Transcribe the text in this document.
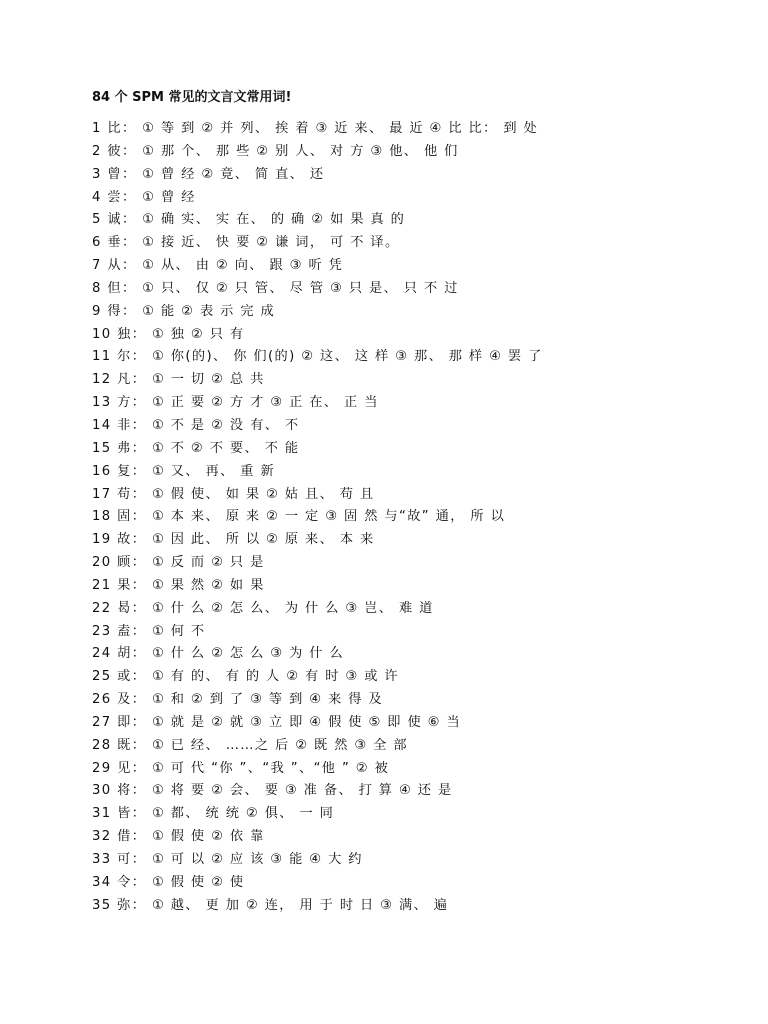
84 个 SPM 常见的文言文常用词!
1 比： ① 等 到 ② 并 列、 挨 着 ③ 近 来、 最 近 ④ 比 比： 到 处
2 彼： ① 那 个、 那 些 ② 别 人、 对 方 ③ 他、 他 们
3 曾： ① 曾 经 ② 竟、 简 直、 还
4 尝： ① 曾 经
5 诚： ① 确 实、 实 在、 的 确 ② 如 果 真 的
6 垂： ① 接 近、 快 要 ② 谦 词， 可 不 译。
7 从： ① 从、 由 ② 向、 跟 ③ 听 凭
8 但： ① 只、 仅 ② 只 管、 尽 管 ③ 只 是、 只 不 过
9 得： ① 能 ② 表 示 完 成
10 独： ① 独 ② 只 有
11 尔： ① 你(的)、 你 们(的) ② 这、 这 样 ③ 那、 那 样 ④ 罢 了
12 凡： ① 一 切 ② 总 共
13 方： ① 正 要 ② 方 才 ③ 正 在、 正 当
14 非： ① 不 是 ② 没 有、 不
15 弗： ① 不 ② 不 要、 不 能
16 复： ① 又、 再、 重 新
17 苟： ① 假 使、 如 果 ② 姑 且、 苟 且
18 固： ① 本 来、 原 来 ② 一 定 ③ 固 然 与“故” 通， 所 以
19 故： ① 因 此、 所 以 ② 原 来、 本 来
20 顾： ① 反 而 ② 只 是
21 果： ① 果 然 ② 如 果
22 曷： ① 什 么 ② 怎 么、 为 什 么 ③ 岂、 难 道
23 盍： ① 何 不
24 胡： ① 什 么 ② 怎 么 ③ 为 什 么
25 或： ① 有 的、 有 的 人 ② 有 时 ③ 或 许
26 及： ① 和 ② 到 了 ③ 等 到 ④ 来 得 及
27 即： ① 就 是 ② 就 ③ 立 即 ④ 假 使 ⑤ 即 使 ⑥ 当
28 既： ① 已 经、 ……之 后 ② 既 然 ③ 全 部
29 见： ① 可 代 “你 ”、“我 ”、“他 ” ② 被
30 将： ① 将 要 ② 会、 要 ③ 准 备、 打 算 ④ 还 是
31 皆： ① 都、 统 统 ② 俱、 一 同
32 借： ① 假 使 ② 依 靠
33 可： ① 可 以 ② 应 该 ③ 能 ④ 大 约
34 令： ① 假 使 ② 使
35 弥： ① 越、 更 加 ② 连， 用 于 时 日 ③ 满、 遍
